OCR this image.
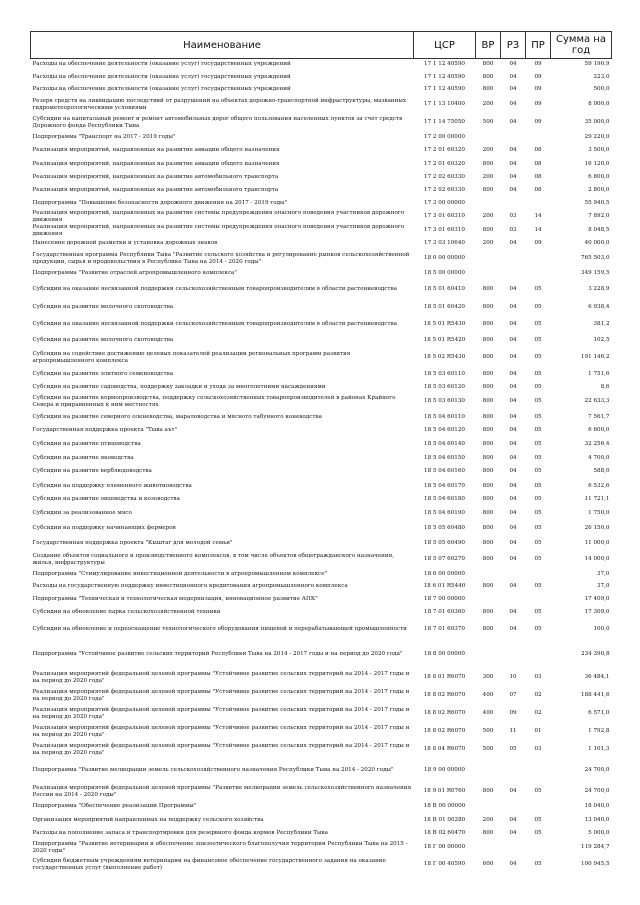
Наименование	ЦСР	ВР	РЗ	ПР	Сумма на год
Расходы на обеспечение деятельности (оказание услуг) государственных учреждений	17 1 12 40590	800	04	09	59 190,9
Расходы на обеспечение деятельности (оказание услуг) государственных учреждений	17 1 12 40590	800	04	09	223,0
Расходы на обеспечение деятельности (оказание услуг) государственных учреждений	17 1 12 40590	800	04	09	500,0
Резерв средств на ликвидацию последствий от разрушений на объектах дорожно-транспортной инфраструктуры, вызванных гидрометеорологическими условиями	17 1 13 10400	200	04	09	8 000,0
Субсидии на капитальный ремонт и ремонт автомобильных дорог общего пользования населенных пунктов за счет средств Дорожного фонда Республики Тыва	17 1 14 75050	500	04	09	35 000,0
Подпрограмма "Транспорт на 2017 - 2019 годы"	17 2 00 00000				29 220,0
Реализация мероприятий, направленных на развитие авиации общего назначения	17 2 01 60320	200	04	08	3 500,0
Реализация мероприятий, направленных на развитие авиации общего назначения	17 2 01 60320	800	04	08	16 120,0
Реализация мероприятий, направленных на развитие автомобильного транспорта	17 2 02 60330	200	04	08	6 800,0
Реализация мероприятий, направленных на развитие автомобильного транспорта	17 2 02 60330	800	04	08	2 800,0
Подпрограмма "Повышение безопасности дорожного движения на 2017 - 2019 годы"	17 3 00 00000				55 940,5
Реализация мероприятий, направленных на развитие системы предупреждения опасного поведения участников дорожного движения	17 3 01 60310	200	03	14	7 892,0
Реализация мероприятий, направленных на развитие системы предупреждения опасного поведения участников дорожного движения	17 3 01 60310	800	03	14	8 048,5
Нанесение дорожной разметки и установка дорожных знаков	17 3 03 10640	200	04	09	40 000,0
Государственная программа Республики Тыва "Развитие сельского хозяйства и регулирование рынков сельскохозяйственной продукции, сырья и продовольствия в Республике Тыва на 2014 - 2020 годы"	18 0 00 00000				765 503,0
Подпрограмма "Развитие отраслей агропромышленного комплекса"	18 5 00 00000				349 159,5
Субсидии на оказание несвязанной поддержки сельскохозяйственным товаропроизводителям в области растениеводства	18 5 01 60410	800	04	05	3 228,9
Субсидии на развитие молочного скотоводства	18 5 01 60420	800	04	05	6 938,4
Субсидии на оказание несвязанной поддержки сельскохозяйственным товаропроизводителям в области растениеводства	18 5 01 R5430	800	04	05	381,2
Субсидии на развитие молочного скотоводства	18 5 01 R5420	800	04	05	102,5
Субсидии на содействие достижению целевых показателей реализации региональных программ развития агропромышленного комплекса	18 5 02 R5430	800	04	05	191 146,2
Субсидии на развитие элитного семеноводства	18 5 03 60110	800	04	05	1 751,6
Субсидии на развитие садоводства, поддержку закладки и ухода за многолетними насаждениями	18 5 03 60120	800	04	05	8,6
Субсидии на развитие кормопроизводства, поддержку сельскохозяйственных товаропроизводителей в районах Крайнего Севера и приравненных к ним местностях	18 5 03 60130	800	04	05	22 633,3
Субсидии на развитие северного оленеводства, мараловодства и мясного табунного коневодства	18 5 04 60110	800	04	05	7 561,7
Государственная поддержка проекта "Тыва аът"	18 5 04 60120	800	04	05	6 600,0
Субсидии на развитие птицеводства	18 5 04 60140	800	04	05	32 256,4
Субсидии на развитие яководства	18 5 04 60150	800	04	05	4 700,0
Субсидии на развитие верблюдоводства	18 5 04 60160	800	04	05	588,0
Субсидии на поддержку племенного животноводства	18 5 04 60170	800	04	05	6 532,6
Субсидии на развитие овцеводства и козоводства	18 5 04 60180	800	04	05	11 721,1
Субсидии за реализованное мясо	18 5 04 60190	800	04	05	1 750,0
Субсидии на поддержку начинающих фермеров	18 5 05 60480	800	04	05	26 150,0
Государственная поддержка проекта "Кыштаг для молодой семьи"	18 5 05 60490	800	04	05	11 000,0
Создание объектов социального и производственного комплексов, в том числе объектов общегражданского назначения, жилья, инфраструктуры	18 5 07 60270	800	04	05	14 000,0
Подпрограмма "Стимулирование инвестиционной деятельности в агропромышленном комплексе"	18 6 00 00000				37,0
Расходы на государственную поддержку инвестиционного кредитования агропромышленного комплекса	18 6 01 R5440	800	04	05	37,0
Подпрограмма "Техническая и технологическая модернизация, инновационное развитие АПК"	18 7 00 00000				17 409,0
Субсидии на обновление парка сельскохозяйственной техники	18 7 01 60360	800	04	05	17 309,0
Субсидии на обновление и переоснащение технологического оборудования пищевой и перерабатывающей промышленности	18 7 01 60370	800	04	05	100,0
Подпрограмма "Устойчивое развитие сельских территорий Республики Тыва на 2014 - 2017 годы и на период до 2020 года"	18 8 00 00000				234 390,8
Реализация мероприятий федеральной целевой программы "Устойчивое развитие сельских территорий на 2014 - 2017 годы и на период до 2020 года"	18 8 01 R6070	300	10	03	36 484,1
Реализация мероприятий федеральной целевой программы "Устойчивое развитие сельских территорий на 2014 - 2017 годы и на период до 2020 года"	18 8 02 R6070	400	07	02	188 441,6
Реализация мероприятий федеральной целевой программы "Устойчивое развитие сельских территорий на 2014 - 2017 годы и на период до 2020 года"	18 8 02 R6070	400	09	02	6 571,0
Реализация мероприятий федеральной целевой программы "Устойчивое развитие сельских территорий на 2014 - 2017 годы и на период до 2020 года"	18 8 02 R6070	500	11	01	1 792,8
Реализация мероприятий федеральной целевой программы "Устойчивое развитие сельских территорий на 2014 - 2017 годы и на период до 2020 года"	18 8 04 R6070	500	05	03	1 101,3
Подпрограмма "Развитие мелиорации земель сельскохозяйственного назначения Республики Тыва на 2014 - 2020 годы"	18 9 00 00000				24 700,0
Реализация мероприятий федеральной целевой программы "Развитие мелиорации земель сельскохозяйственного назначения России на 2014 - 2020 годы"	18 9 01 R0760	800	04	05	24 700,0
Подпрограмма "Обеспечение реализации Программы"	18 В 00 00000				18 040,0
Организация мероприятий направленных на поддержку сельского хозяйства	18 В 01 00280	200	04	05	13 040,0
Расходы на пополнение запаса и транспортировки для резервного фонда кормов Республики Тыва	18 В 02 60470	800	04	05	5 000,0
Подпрограмма "Развитие ветеринарии и обеспечение эпизоотического благополучия территории Республики Тыва на 2015 - 2020 годы"	18 Г 00 00000				119 284,7
Субсидии бюджетным учреждениям ветеринарии на финансовое обеспечение государственного задания на оказание государственных услуг (выполнение работ)	18 Г 00 40590	600	04	05	100 945,5
